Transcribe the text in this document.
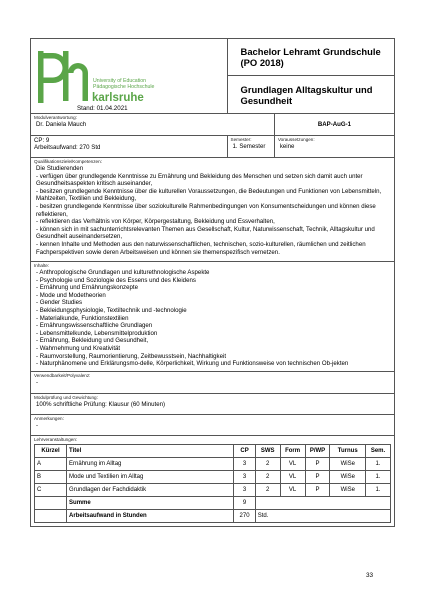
University of Education
Pädagogische Hochschule
karlsruhe
Stand: 01.04.2021
	Bachelor Lehramt Grundschule (PO 2018)
Grundlagen Alltagskultur und Gesundheit

Modulverantwortung:
Dr. Daniela Mauch	BAP-AuG-1

CP: 9
Arbeitsaufwand: 270 Std

Semester:
1. Semester

Voraussetzungen:
keine

Qualifikationsziele/Kompetenzen:
Die Studierenden
- verfügen über grundlegende Kenntnisse zu Ernährung und Bekleidung des Menschen und setzen sich damit auch unter Gesundheitsaspekten kritisch auseinander,
- besitzen grundlegende Kenntnisse über die kulturellen Voraussetzungen, die Bedeutungen und Funktionen von Lebensmitteln, Mahlzeiten, Textilien und Bekleidung,
- besitzen grundlegende Kenntnisse über soziokulturelle Rahmenbedingungen von Konsumentscheidungen und können diese reflektieren,
- reflektieren das Verhältnis von Körper, Körpergestaltung, Bekleidung und Essverhalten,
- können sich in mit sachunterrichtsrelevanten Themen aus Gesellschaft, Kultur, Naturwissenschaft, Technik, Alltagskultur und Gesundheit auseinandersetzen,
- kennen Inhalte und Methoden aus den naturwissenschaftlichen, technischen, sozio-kulturellen, räumlichen und zeitlichen Fachperspektiven sowie deren Arbeitsweisen und können sie themenspezifisch vernetzen.

Inhalte:
- Anthropologische Grundlagen und kulturethnologische Aspekte
- Psychologie und Soziologie des Essens und des Kleidens
- Ernährung und Ernährungskonzepte
- Mode und Modetheorien
- Gender Studies
- Bekleidungsphysiologie, Textiltechnik und -technologie
- Materialkunde, Funktionstextilien
- Ernährungswissenschaftliche Grundlagen
- Lebensmittelkunde, Lebensmittelproduktion
- Ernährung, Bekleidung und Gesundheit,
- Wahrnehmung und Kreativität
- Raumvorstellung, Raumorientierung, Zeitbewusstsein, Nachhaltigkeit
- Naturphänomene und Erklärungsmo-delle, Körperlichkeit, Wirkung und Funktionsweise von technischen Ob-jekten

Verwendbarkeit/Polyvalenz:
-

Modulprüfung und Gewichtung:
100% schriftliche Prüfung: Klausur (60 Minuten)

Anmerkungen:
-

Lehrveranstaltungen:
Kürzel	Titel	CP	SWS	Form	P/WP	Turnus	Sem.
A	Ernährung im Alltag	3	2	VL	P	WiSe	1.
B	Mode und Textilien im Alltag	3	2	VL	P	WiSe	1.
C	Grundlagen der Fachdidaktik	3	2	VL	P	WiSe	1.
	Summe	9	
	Arbeitsaufwand in Stunden	270	Std.
33
